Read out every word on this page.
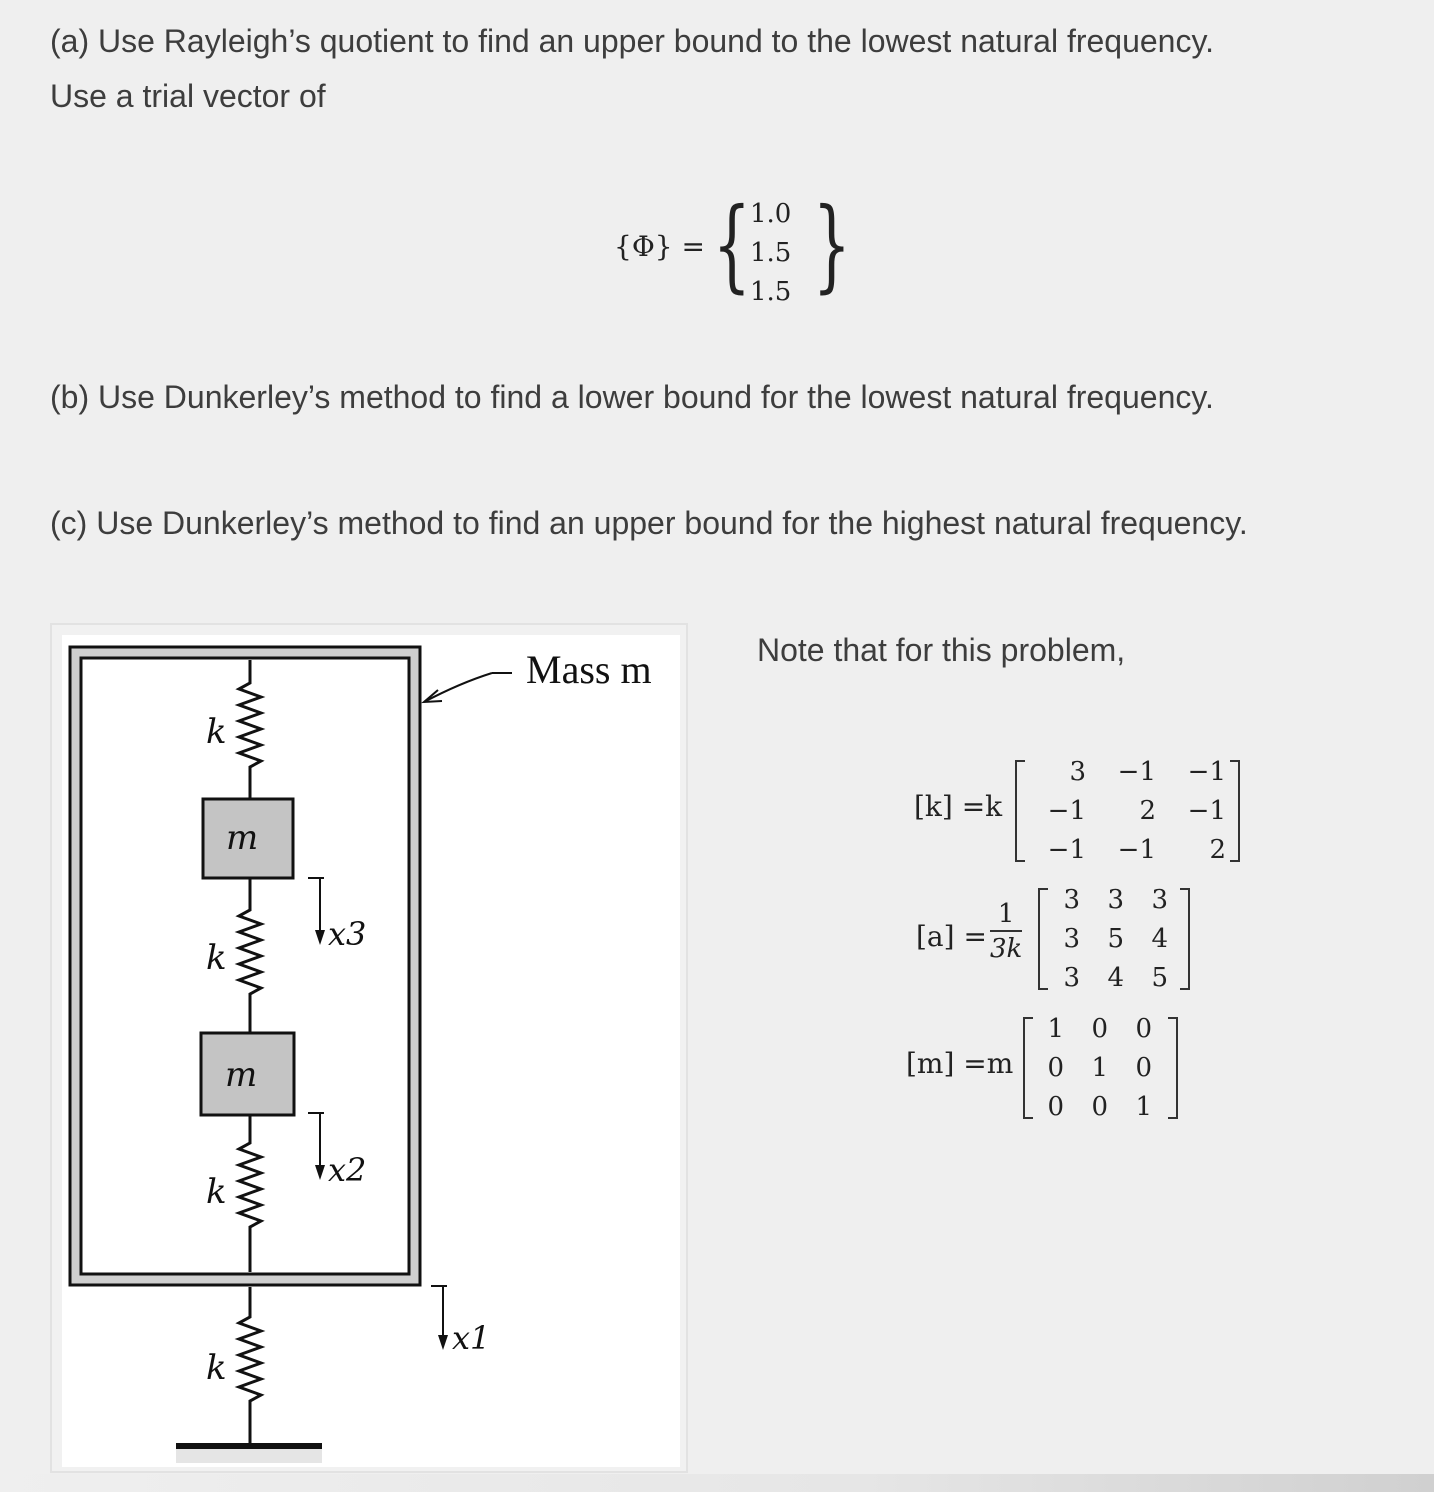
(a) Use Rayleigh’s quotient to find an upper bound to the lowest natural frequency.
Use a trial vector of

{Φ} = { 1.0
1.5
1.5 }

(b) Use Dunkerley’s method to find a lower bound for the lowest natural frequency.

(c) Use Dunkerley’s method to find an upper bound for the highest natural frequency.

Mass m
k
k
k
k
m
m
x3
x2
x1

Note that for this problem,

[k] =k
3	−1	−1
−1	2	−1
−1	−1	2
$[a] = \frac{1}{3k} 3$	3	3
3	5	4
3	4	5
[m] =m
1	0	0
0	1	0
0	0	1
